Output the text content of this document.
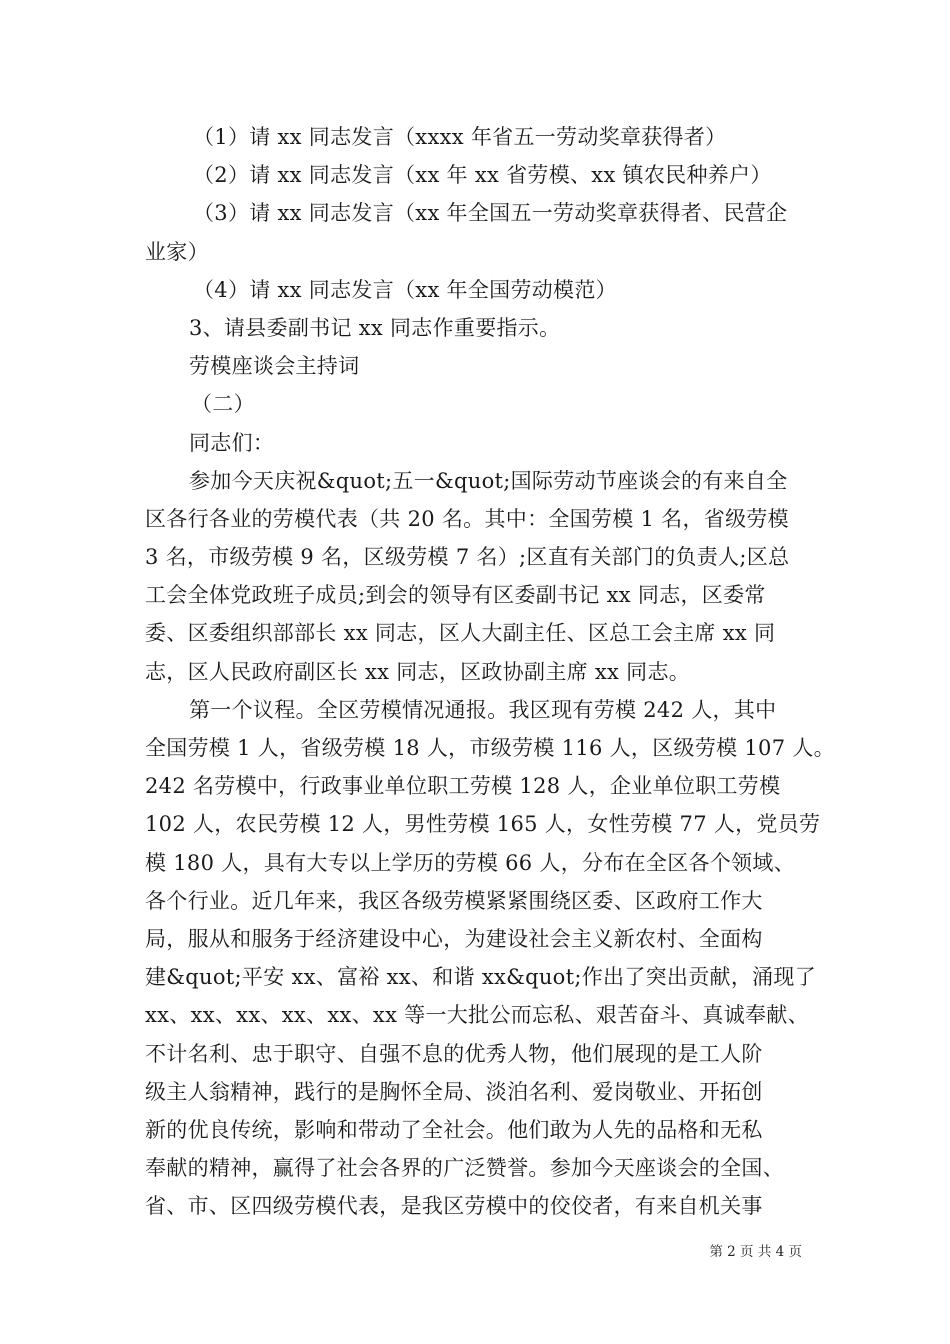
（1）请 xx 同志发言（xxxx 年省五一劳动奖章获得者）
（2）请 xx 同志发言（xx 年 xx 省劳模、xx 镇农民种养户）
（3）请 xx 同志发言（xx 年全国五一劳动奖章获得者、民营企
业家）
（4）请 xx 同志发言（xx 年全国劳动模范）
3、请县委副书记 xx 同志作重要指示。
劳模座谈会主持词
（二）
同志们：
参加今天庆祝&quot;五一&quot;国际劳动节座谈会的有来自全
区各行各业的劳模代表（共 20 名。其中：全国劳模 1 名，省级劳模
3 名，市级劳模 9 名，区级劳模 7 名）;区直有关部门的负责人;区总
工会全体党政班子成员;到会的领导有区委副书记 xx 同志，区委常
委、区委组织部部长 xx 同志，区人大副主任、区总工会主席 xx 同
志，区人民政府副区长 xx 同志，区政协副主席 xx 同志。
第一个议程。全区劳模情况通报。我区现有劳模 242 人，其中
全国劳模 1 人，省级劳模 18 人，市级劳模 116 人，区级劳模 107 人。
242 名劳模中，行政事业单位职工劳模 128 人，企业单位职工劳模
102 人，农民劳模 12 人，男性劳模 165 人，女性劳模 77 人，党员劳
模 180 人，具有大专以上学历的劳模 66 人，分布在全区各个领域、
各个行业。近几年来，我区各级劳模紧紧围绕区委、区政府工作大
局，服从和服务于经济建设中心，为建设社会主义新农村、全面构
建&quot;平安 xx、富裕 xx、和谐 xx&quot;作出了突出贡献，涌现了
xx、xx、xx、xx、xx、xx 等一大批公而忘私、艰苦奋斗、真诚奉献、
不计名利、忠于职守、自强不息的优秀人物，他们展现的是工人阶
级主人翁精神，践行的是胸怀全局、淡泊名利、爱岗敬业、开拓创
新的优良传统，影响和带动了全社会。他们敢为人先的品格和无私
奉献的精神，赢得了社会各界的广泛赞誉。参加今天座谈会的全国、
省、市、区四级劳模代表，是我区劳模中的佼佼者，有来自机关事
第 2 页 共 4 页
